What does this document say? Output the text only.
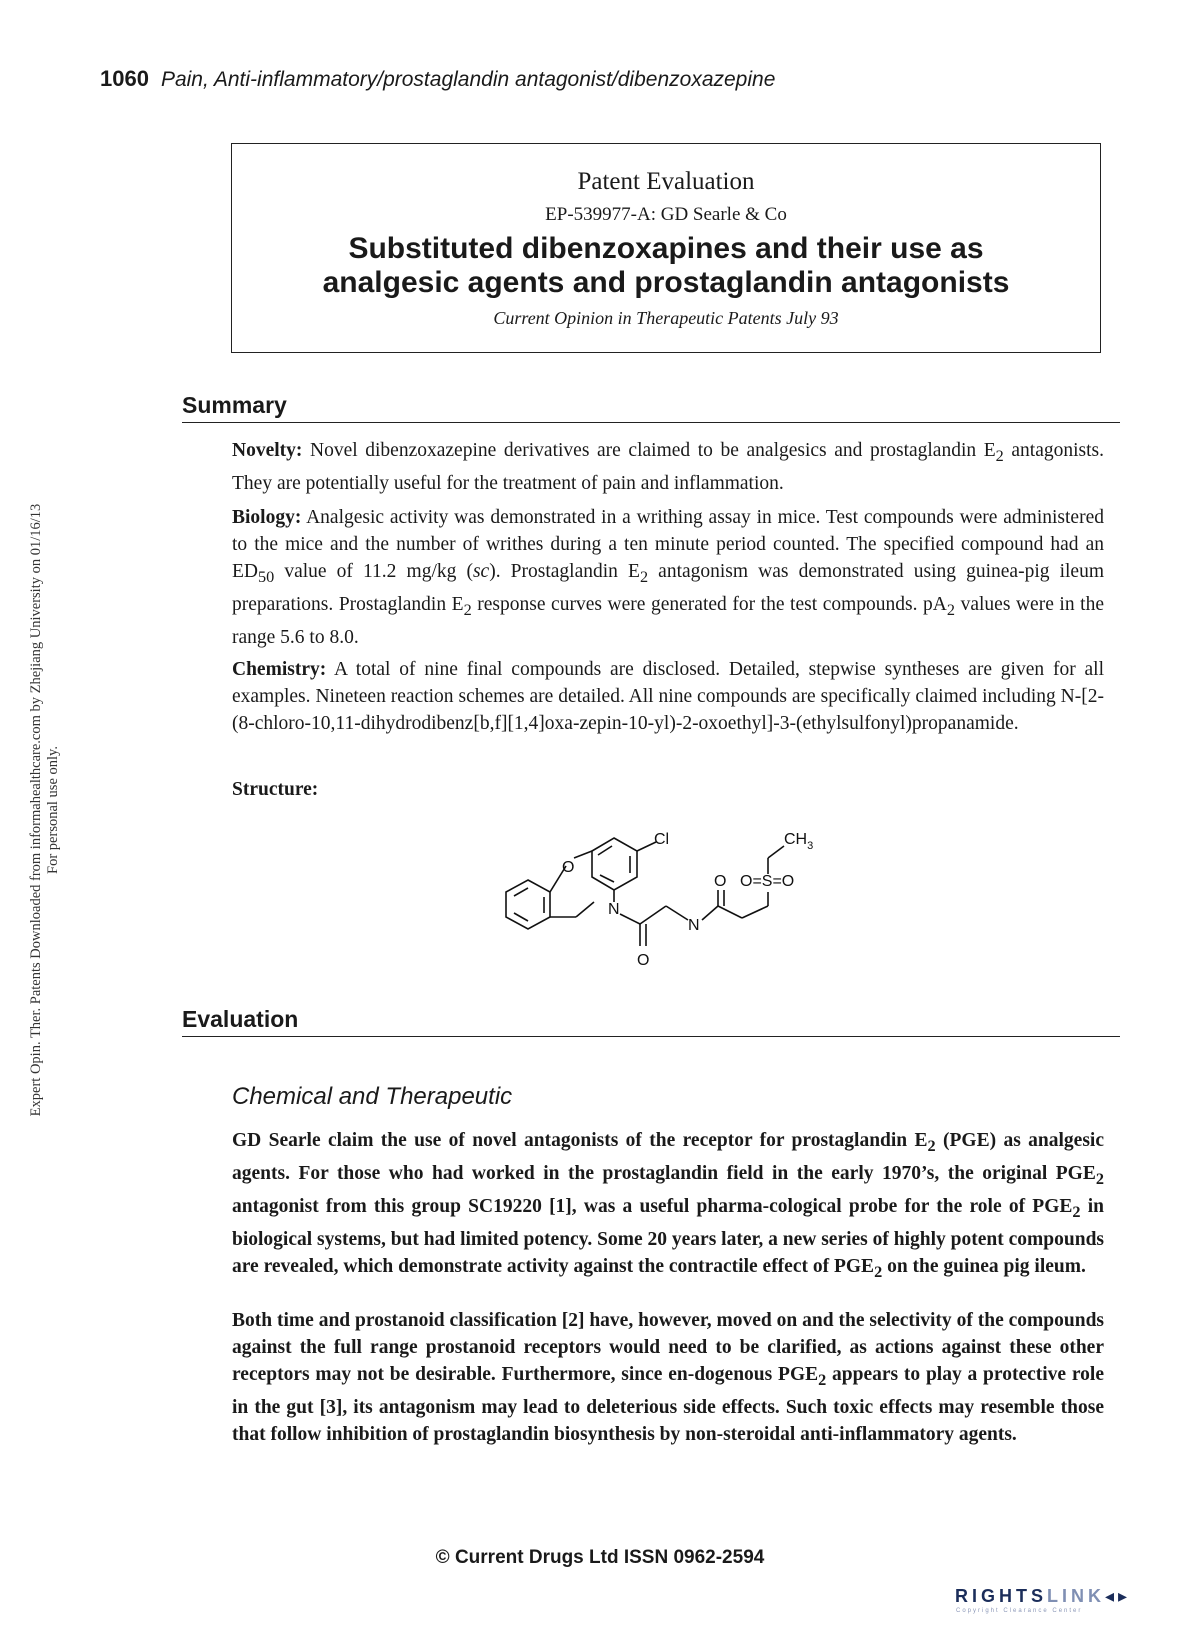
1060 Pain, Anti-inflammatory/prostaglandin antagonist/dibenzoxazepine
Expert Opin. Ther. Patents Downloaded from informahealthcare.com by Zhejiang University on 01/16/13 For personal use only.
Patent Evaluation
EP-539977-A: GD Searle & Co
Substituted dibenzoxapines and their use as
analgesic agents and prostaglandin antagonists
Current Opinion in Therapeutic Patents July 93
Summary

Novelty: Novel dibenzoxazepine derivatives are claimed to be analgesics and prostaglandin $E_2$ antagonists. They are potentially useful for the treatment of pain and inflammation.

Biology: Analgesic activity was demonstrated in a writhing assay in mice. Test compounds were administered to the mice and the number of writhes during a ten minute period counted. The specified compound had an $ED_{50}$ value of 11.2 mg/kg (sc). Prostaglandin $E_2$ antagonism was demonstrated using guinea-pig ileum preparations. Prostaglandin $E_2$ response curves were generated for the test compounds. $pA_2$ values were in the range 5.6 to 8.0.

Chemistry: A total of nine final compounds are disclosed. Detailed, stepwise syntheses are given for all examples. Nineteen reaction schemes are detailed. All nine compounds are specifically claimed including N-[2-(8-chloro-10,11-dihydrodibenz[b,f][1,4]oxa-zepin-10-yl)-2-oxoethyl]-3-(ethylsulfonyl)propanamide.

Structure:
Cl
O
N
O
N
O O=S=O
$CH_3$
Evaluation
Chemical and Therapeutic

GD Searle claim the use of novel antagonists of the receptor for prostaglandin $E_2$ (PGE) as analgesic agents. For those who had worked in the prostaglandin field in the early 1970’s, the original $PGE_2$ antagonist from this group SC19220 [1], was a useful pharma-cological probe for the role of $PGE_2$ in biological systems, but had limited potency. Some 20 years later, a new series of highly potent compounds are revealed, which demonstrate activity against the contractile effect of $PGE_2$ on the guinea pig ileum.

Both time and prostanoid classification [2] have, however, moved on and the selectivity of the compounds against the full range prostanoid receptors would need to be clarified, as actions against these other receptors may not be desirable. Furthermore, since en-dogenous $PGE_2$ appears to play a protective role in the gut [3], its antagonism may lead to deleterious side effects. Such toxic effects may resemble those that follow inhibition of prostaglandin biosynthesis by non-steroidal anti-inflammatory agents.

© Current Drugs Ltd ISSN 0962-2594
RIGHTSLINK◂▸
Copyright Clearance Center
